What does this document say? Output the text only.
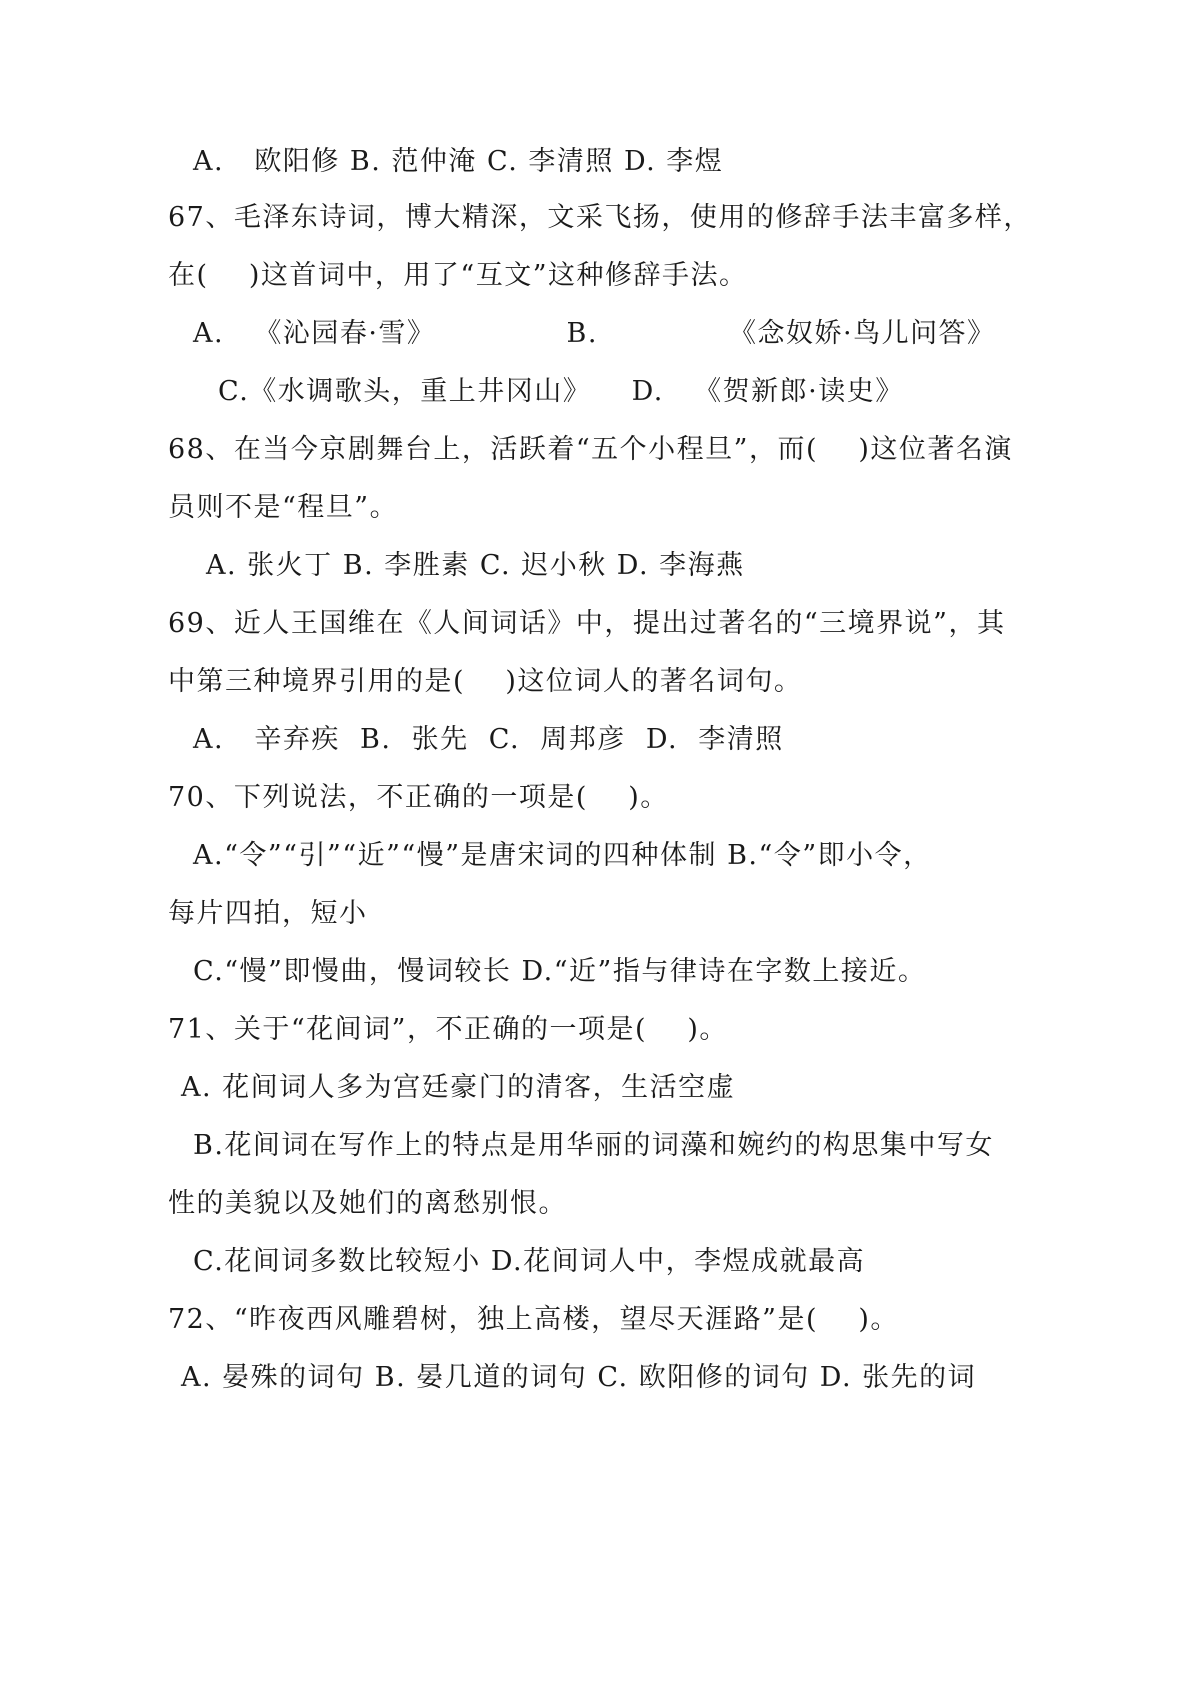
A.   欧阳修 B. 范仲淹 C. 李清照 D. 李煜
67、毛泽东诗词，博大精深，文采飞扬，使用的修辞手法丰富多样，
在(    )这首词中，用了“互文”这种修辞手法。
A.   《沁园春·雪》             B.             《念奴娇·鸟儿问答》
C.《水调歌头，重上井冈山》    D.   《贺新郎·读史》
68、在当今京剧舞台上，活跃着“五个小程旦”，而(    )这位著名演
员则不是“程旦”。
A. 张火丁 B. 李胜素 C. 迟小秋 D. 李海燕
69、近人王国维在《人间词话》中，提出过著名的“三境界说”，其
中第三种境界引用的是(    )这位词人的著名词句。
A.   辛弃疾  B.  张先  C.  周邦彦  D.  李清照
70、下列说法，不正确的一项是(    )。
A.“令”“引”“近”“慢”是唐宋词的四种体制 B.“令”即小令，
每片四拍，短小
C.“慢”即慢曲，慢词较长 D.“近”指与律诗在字数上接近。
71、关于“花间词”，不正确的一项是(    )。
A. 花间词人多为宫廷豪门的清客，生活空虚
B.花间词在写作上的特点是用华丽的词藻和婉约的构思集中写女
性的美貌以及她们的离愁别恨。
C.花间词多数比较短小 D.花间词人中，李煜成就最高
72、“昨夜西风雕碧树，独上高楼，望尽天涯路”是(    )。
A. 晏殊的词句 B. 晏几道的词句 C. 欧阳修的词句 D. 张先的词
